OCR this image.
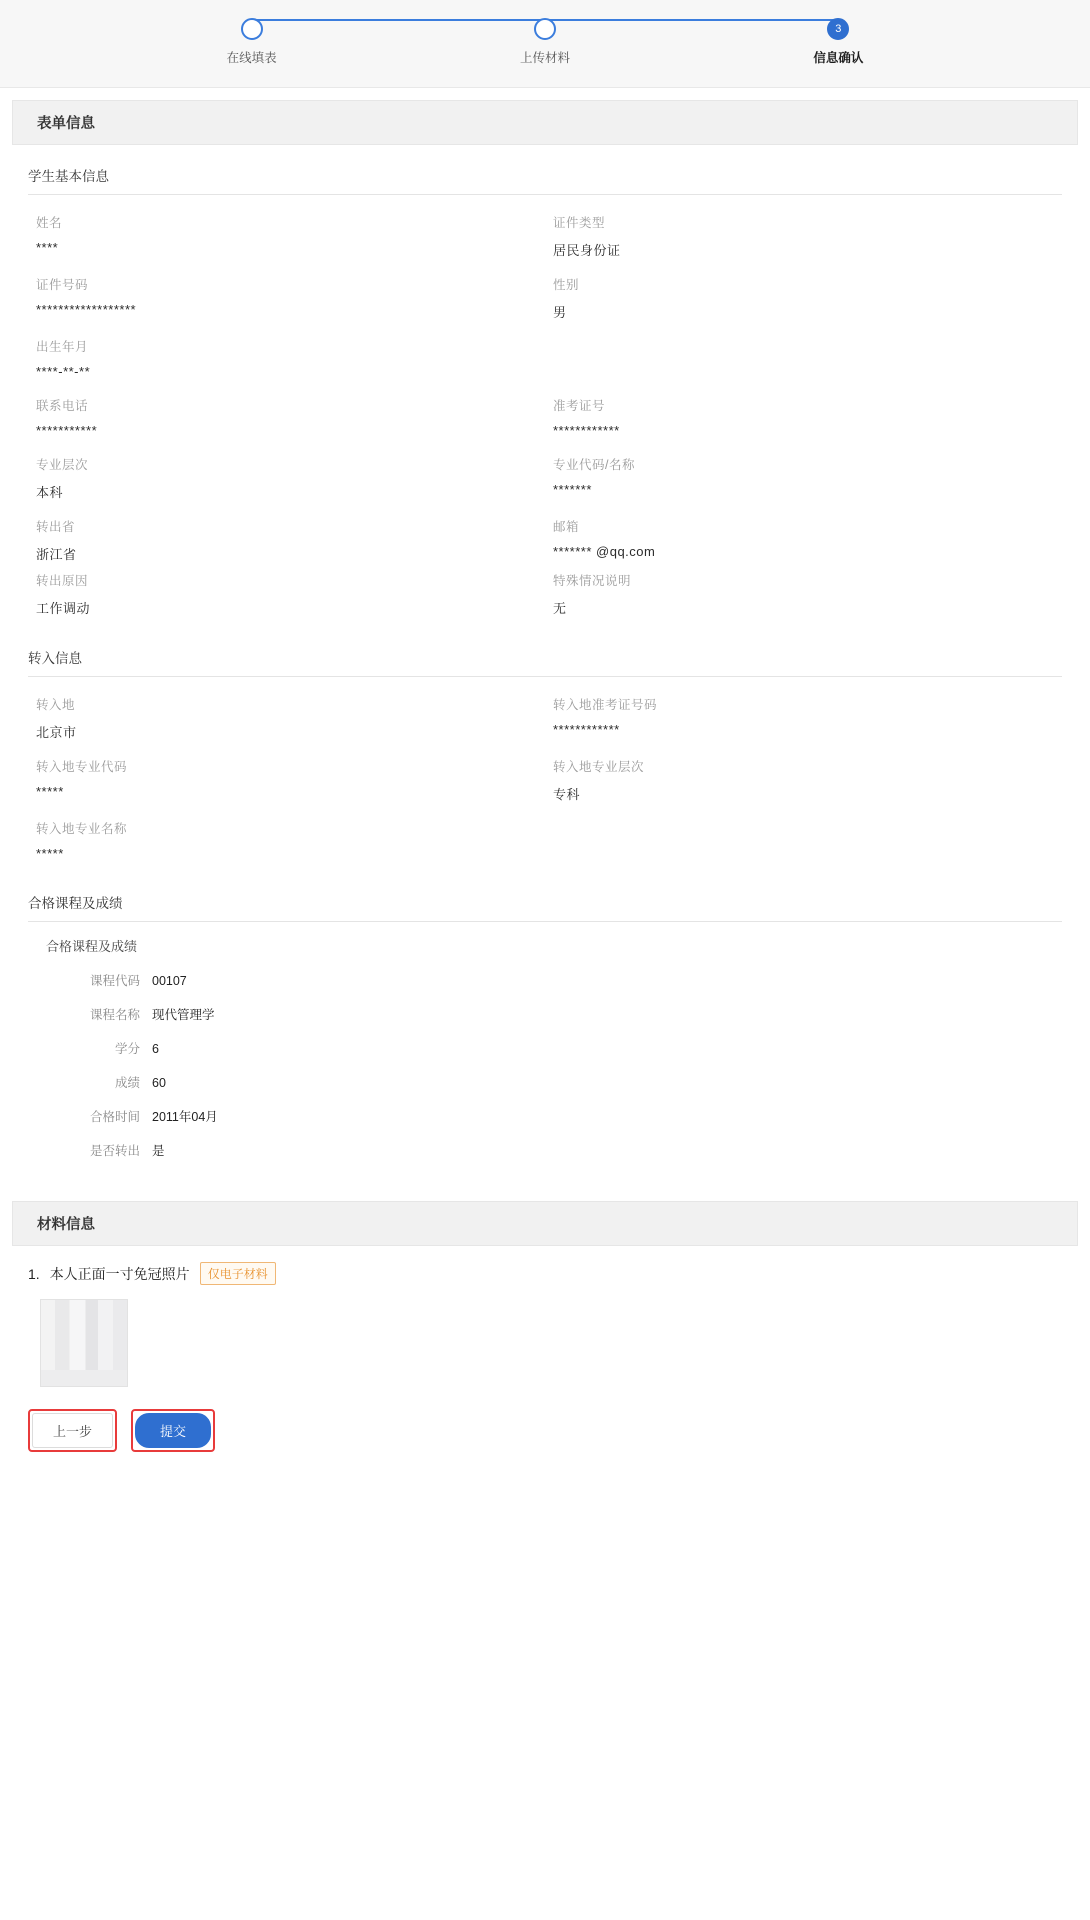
在线填表	上传材料
3
信息确认
表单信息
学生基本信息
姓名
****
证件类型
居民身份证
证件号码
******************
性别
男
出生年月
****-**-**
联系电话
***********
准考证号
************
专业层次
本科
专业代码/名称
*******
转出省
浙江省
邮箱
******* @qq.com
转出原因
工作调动
特殊情况说明
无
转入信息
转入地
北京市
转入地准考证号码
************
转入地专业代码
*****
转入地专业层次
专科
转入地专业名称
*****
合格课程及成绩
合格课程及成绩
课程代码 00107
课程名称 现代管理学
学分 6
成绩 60
合格时间 2011年04月
是否转出 是
材料信息
1. 本人正面一寸免冠照片	仅电子材料
上一步	提交
